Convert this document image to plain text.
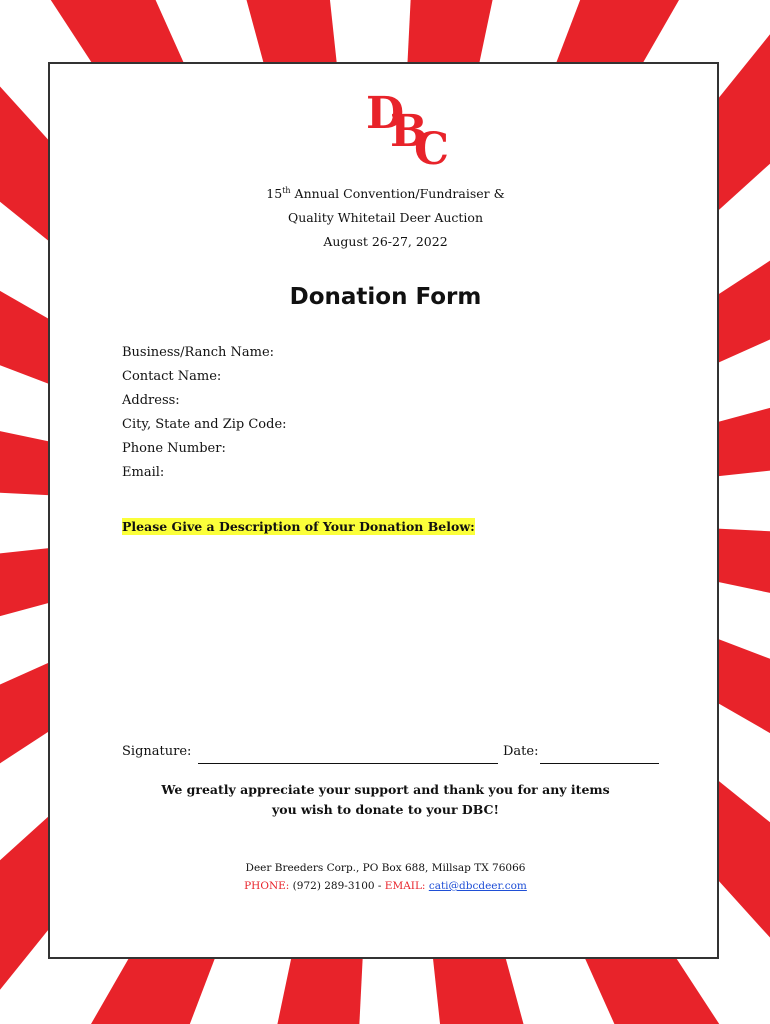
D
B
C
15th Annual Convention/Fundraiser &
Quality Whitetail Deer Auction
August 26-27, 2022
Donation Form
Business/Ranch Name:
Contact Name:
Address:
City, State and Zip Code:
Phone Number:
Email:
Please Give a Description of Your Donation Below:
Signature:	Date:
We greatly appreciate your support and thank you for any items
you wish to donate to your DBC!
Deer Breeders Corp., PO Box 688, Millsap TX 76066
PHONE: (972) 289-3100 - EMAIL: cati@dbcdeer.com
